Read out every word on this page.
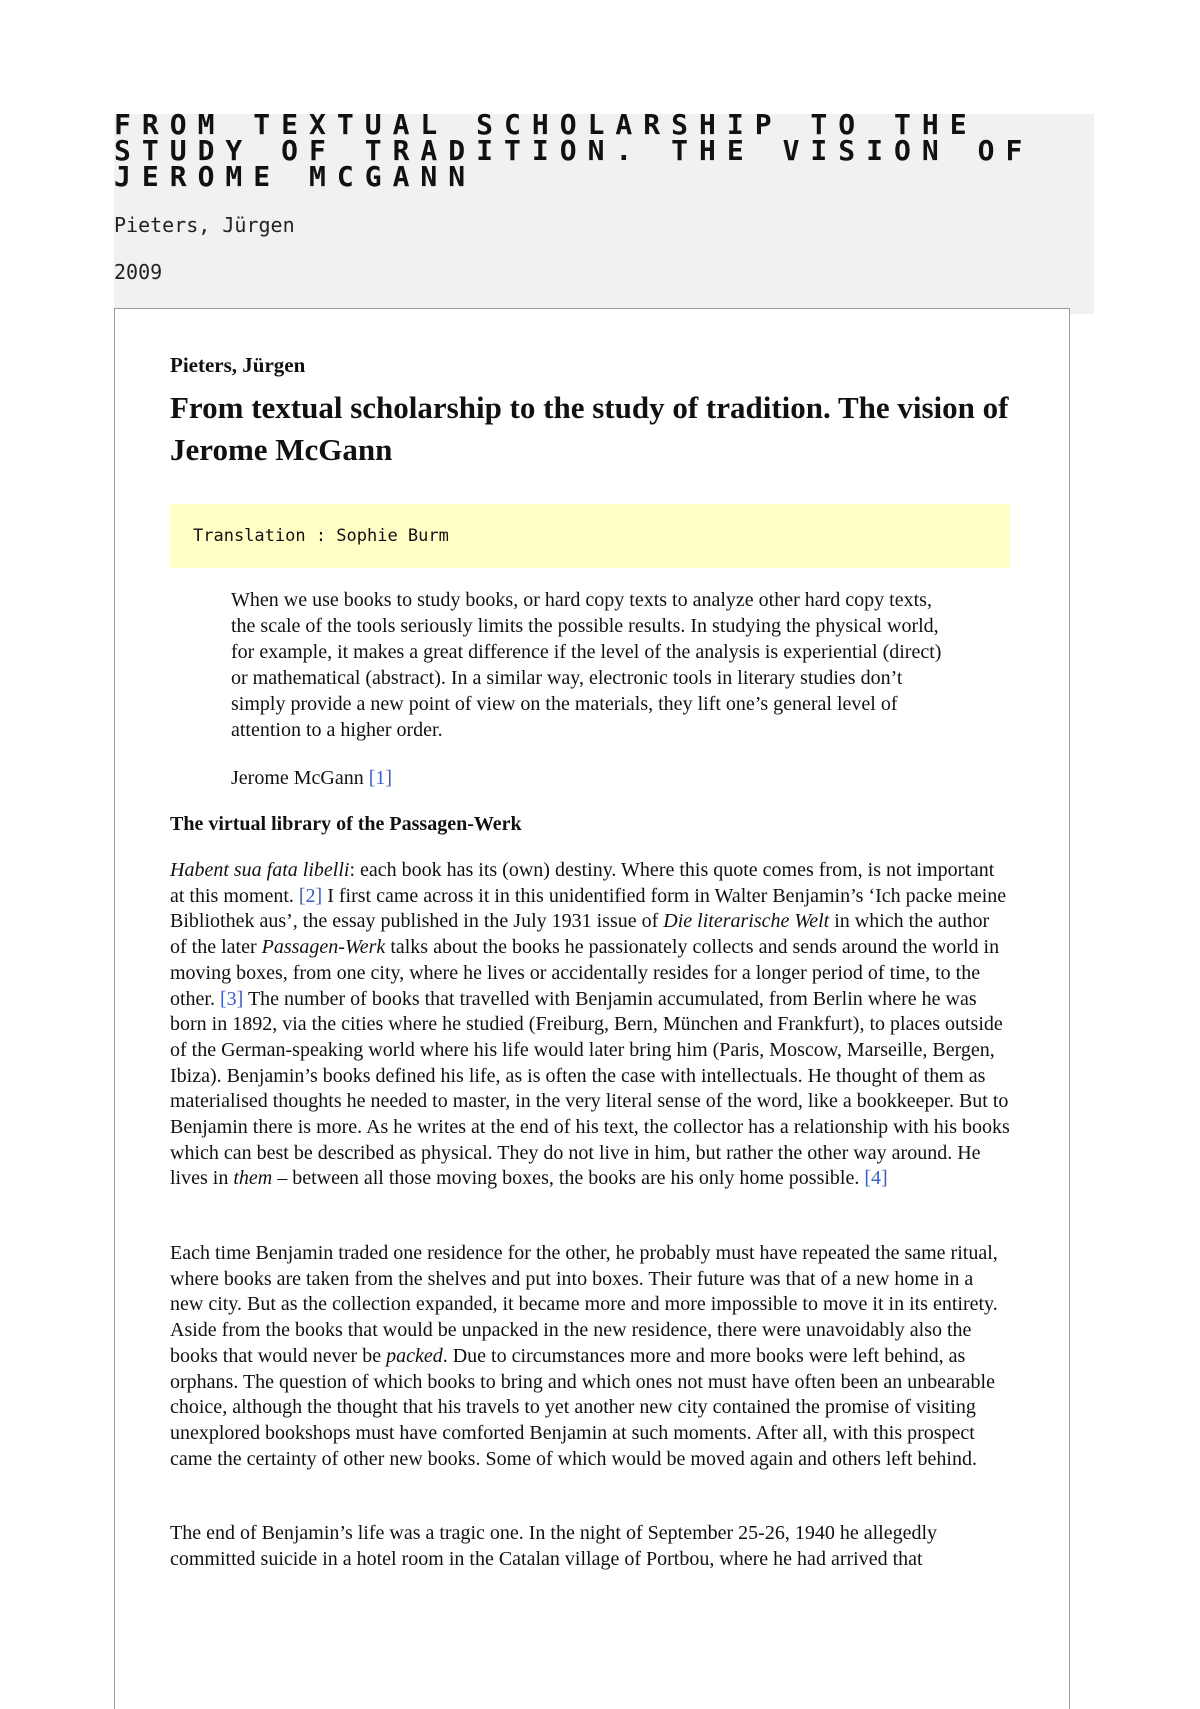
FROM TEXTUAL SCHOLARSHIP TO THE
STUDY OF TRADITION. THE VISION OF
JEROME MCGANN

Pieters, Jürgen

2009

Pieters, Jürgen

From textual scholarship to the study of tradition. The vision of Jerome McGann
Translation : Sophie Burm

When we use books to study books, or hard copy texts to analyze other hard copy texts, the scale of the tools seriously limits the possible results. In studying the physical world, for example, it makes a great difference if the level of the analysis is experiential (direct) or mathematical (abstract). In a similar way, electronic tools in literary studies don’t simply provide a new point of view on the materials, they lift one’s general level of attention to a higher order.

Jerome McGann [1]

The virtual library of the Passagen-Werk

Habent sua fata libelli: each book has its (own) destiny. Where this quote comes from, is not important at this moment. [2] I first came across it in this unidentified form in Walter Benjamin’s ‘Ich packe meine Bibliothek aus’, the essay published in the July 1931 issue of Die literarische Welt in which the author of the later Passagen-Werk talks about the books he passionately collects and sends around the world in moving boxes, from one city, where he lives or accidentally resides for a longer period of time, to the other. [3] The number of books that travelled with Benjamin accumulated, from Berlin where he was born in 1892, via the cities where he studied (Freiburg, Bern, München and Frankfurt), to places outside of the German-speaking world where his life would later bring him (Paris, Moscow, Marseille, Bergen, Ibiza). Benjamin’s books defined his life, as is often the case with intellectuals. He thought of them as materialised thoughts he needed to master, in the very literal sense of the word, like a bookkeeper. But to Benjamin there is more. As he writes at the end of his text, the collector has a relationship with his books which can best be described as physical. They do not live in him, but rather the other way around. He lives in them – between all those moving boxes, the books are his only home possible. [4]

Each time Benjamin traded one residence for the other, he probably must have repeated the same ritual, where books are taken from the shelves and put into boxes. Their future was that of a new home in a new city. But as the collection expanded, it became more and more impossible to move it in its entirety. Aside from the books that would be unpacked in the new residence, there were unavoidably also the books that would never be packed. Due to circumstances more and more books were left behind, as orphans. The question of which books to bring and which ones not must have often been an unbearable choice, although the thought that his travels to yet another new city contained the promise of visiting unexplored bookshops must have comforted Benjamin at such moments. After all, with this prospect came the certainty of other new books. Some of which would be moved again and others left behind.

The end of Benjamin’s life was a tragic one. In the night of September 25-26, 1940 he allegedly committed suicide in a hotel room in the Catalan village of Portbou, where he had arrived that
